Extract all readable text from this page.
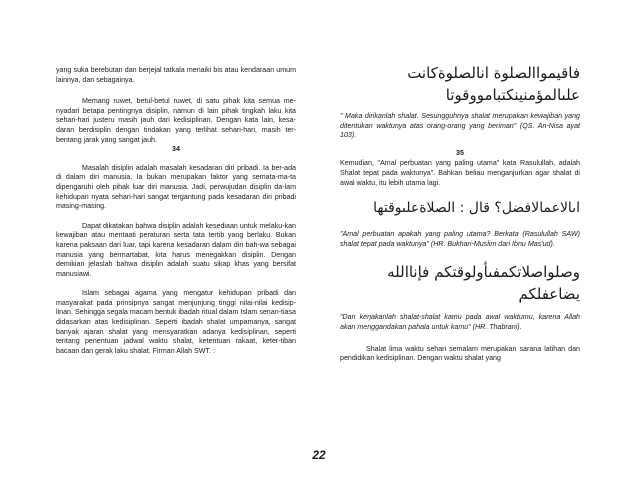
yang suka berebutan dan berjejal tatkala menaiki bis atau kendaraan umum lainnya, dan sebagainya.

Memang ruwet, betul-betul ruwet, di satu pihak kita semua me-nyadari betapa pentingnya disiplin, namun di lain pihak tingkah laku kita sehari-hari justeru masih jauh dari kedisiplinan. Dengan kata lain, kesa-daran berdisiplin dengan tindakan yang terlihat sehari-hari, masih ter-bentang jarak yang sangat jauh.

34

Masalah disiplin adalah masalah kesadaran diri pribadi. Ia ber-ada di dalam diri manusia. Ia bukan merupakan faktor yang semata-ma-ta dipengaruhi oleh pihak luar diri manusia. Jadi, perwujudan disiplin da-lam kehidupan nyata sehari-hari sangat tergantung pada kesadaran diri pribadi masing-masing.

Dapat dikatakan bahwa disiplin adalah kesediaan untuk melaku-kan kewajiban atau mentaati peraturan serta tata tertib yang berlaku. Bukan karena paksaan dari luar, tapi karena kesadaran dalam diri bah-wa sebagai manusia yang bermartabat, kita harus menegakkan disiplin. Dengan demikian jelaslah bahwa disiplin adalah suatu sikap khas yang bersifat manusiawi.

Islam sebagai agama yang mengatur kehidupan pribadi dan masyarakat pada prinsipnya sangat menjunjung tinggi nilai-nilai kedisip-linan. Sehingga segala macam bentuk ibadah ritual dalam Islam senan-tiasa didasarkan atas kedisiplinan. Seperti ibadah shalat umpamanya, sangat banyak ajaran shalat yang mensyaratkan adanya kedisiplinan, seperti tentang penentuan jadwal waktu shalat, ketentuan rakaat, keter-tiban bacaan dan gerak laku shalat. Firman Allah SWT. :

فاقيمواالصلوة انالصلوةكانت

علىالمؤمنينكتبامووقوتا

" Maka dirikanlah shalat. Sesungguhnya shalat merupakan kewajiban yang ditentukan waktunya atas orang-orang yang beriman" (QS. An-Nisa ayat 103).

35

Kemudian, "Amal perbuatan yang paling utama" kata Rasulullah, adalah Shalat tepat pada waktunya". Bahkan beliau menganjurkan agar shalat di awal waktu, itu lebih utama lagi.

اىالاعمالافضل؟ قال : الصلاةعلىوقتها

"Amal perbuatan apakah yang paling utama? Berkata (Rasulullah SAW) shalat tepat pada waktunya" (HR. Bukhari-Muslim dari Ibnu Mas'ud).

وصلواصلاتكمفىأولوقتكم فإناالله

يضاعفلكم

"Dan kerjakanlah shalat-shalat kamu pada awal waktumu, karena Allah akan menggandakan pahala untuk kamu" (HR. Thabrani).

Shalat lima waktu sehari semalam merupakan sarana latihan dan pendidikan kedisiplinan. Dengan waktu shalat yang

22
